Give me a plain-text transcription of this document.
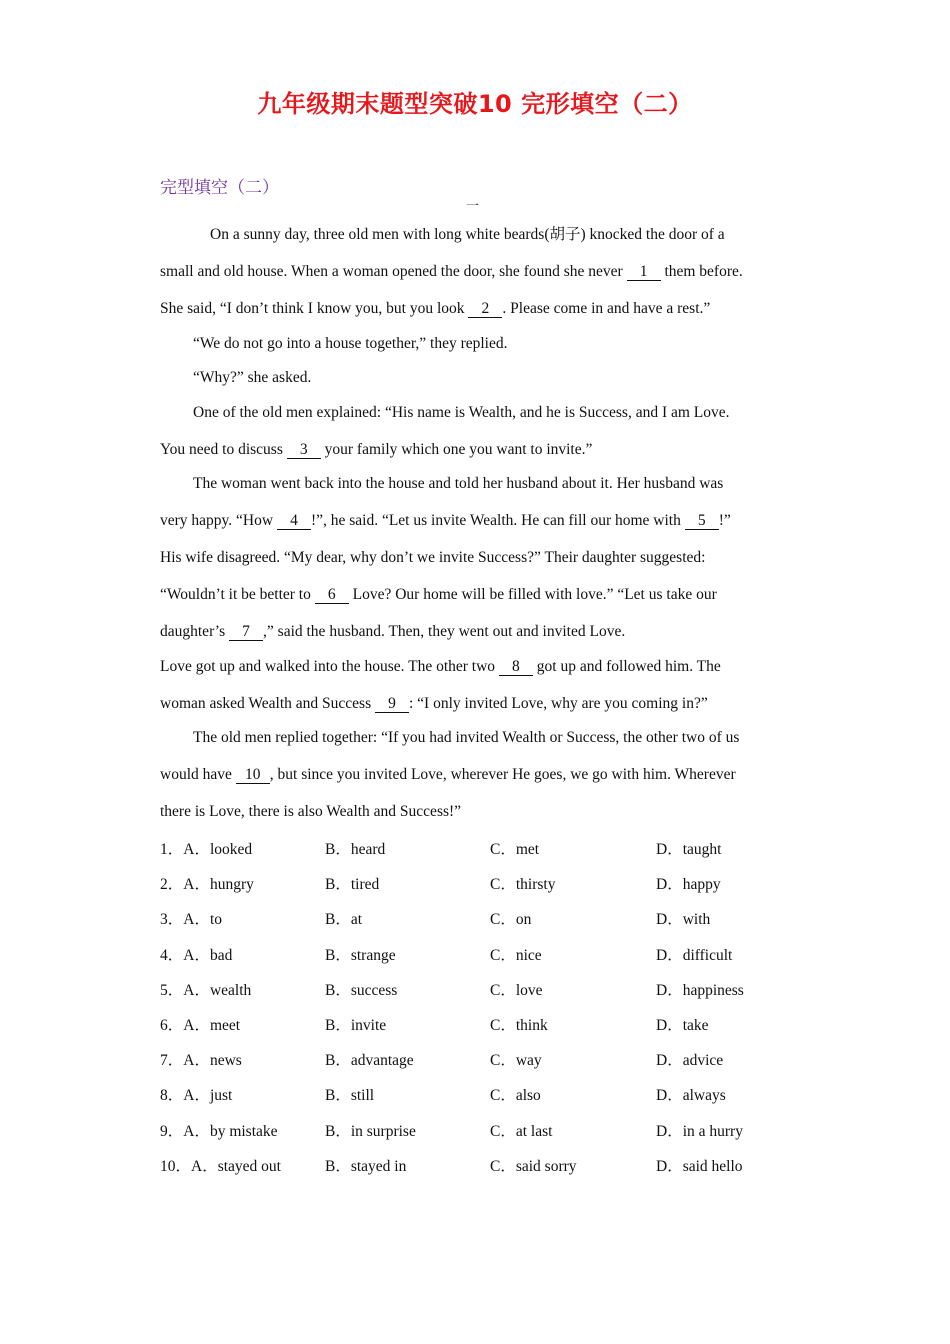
九年级期末题型突破10 完形填空（二）
完型填空（二）
一
On a sunny day, three old men with long white beards(胡子) knocked the door of a
small and old house. When a woman opened the door, she found she never 1 them before.
She said, “I don’t think I know you, but you look 2 . Please come in and have a rest.”
“We do not go into a house together,” they replied.
“Why?” she asked.
One of the old men explained: “His name is Wealth, and he is Success, and I am Love.
You need to discuss 3 your family which one you want to invite.”
The woman went back into the house and told her husband about it. Her husband was
very happy. “How 4 !”, he said. “Let us invite Wealth. He can fill our home with 5 !”
His wife disagreed. “My dear, why don’t we invite Success?” Their daughter suggested:
“Wouldn’t it be better to 6 Love? Our home will be filled with love.” “Let us take our
daughter’s 7 ,” said the husband. Then, they went out and invited Love.
Love got up and walked into the house. The other two 8 got up and followed him. The
woman asked Wealth and Success 9 : “I only invited Love, why are you coming in?”
The old men replied together: “If you had invited Wealth or Success, the other two of us
would have 10 , but since you invited Love, wherever He goes, we go with him. Wherever
there is Love, there is also Wealth and Success!”
1．A．looked	B．heard	C．met	D．taught
2．A．hungry	B．tired	C．thirsty	D．happy
3．A．to	B．at	C．on	D．with
4．A．bad	B．strange	C．nice	D．difficult
5．A．wealth	B．success	C．love	D．happiness
6．A．meet	B．invite	C．think	D．take
7．A．news	B．advantage	C．way	D．advice
8．A．just	B．still	C．also	D．always
9．A．by mistake	B．in surprise	C．at last	D．in a hurry
10．A．stayed out	B．stayed in	C．said sorry	D．said hello
